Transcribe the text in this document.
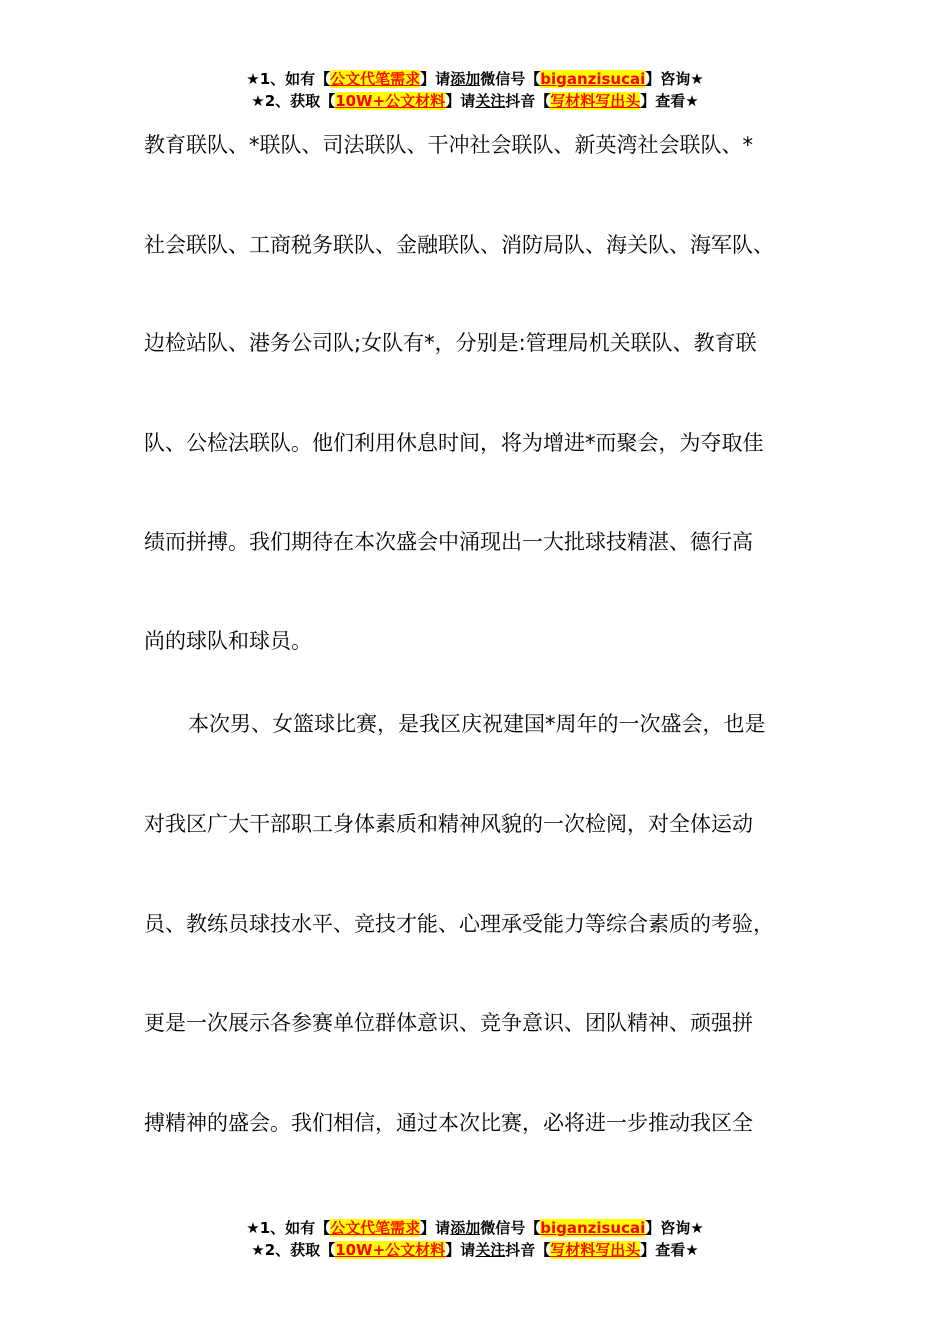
★1、如有【公文代笔需求】请添加微信号【biganzisucai】咨询★
★2、获取【10W+公文材料】请关注抖音【写材料写出头】查看★
教育联队、*联队、司法联队、干冲社会联队、新英湾社会联队、*
社会联队、工商税务联队、金融联队、消防局队、海关队、海军队、
边检站队、港务公司队;女队有*，分别是:管理局机关联队、教育联
队、公检法联队。他们利用休息时间，将为增进*而聚会，为夺取佳
绩而拼搏。我们期待在本次盛会中涌现出一大批球技精湛、德行高
尚的球队和球员。
本次男、女篮球比赛，是我区庆祝建国*周年的一次盛会，也是
对我区广大干部职工身体素质和精神风貌的一次检阅，对全体运动
员、教练员球技水平、竞技才能、心理承受能力等综合素质的考验，
更是一次展示各参赛单位群体意识、竞争意识、团队精神、顽强拼
搏精神的盛会。我们相信，通过本次比赛，必将进一步推动我区全
★1、如有【公文代笔需求】请添加微信号【biganzisucai】咨询★
★2、获取【10W+公文材料】请关注抖音【写材料写出头】查看★
